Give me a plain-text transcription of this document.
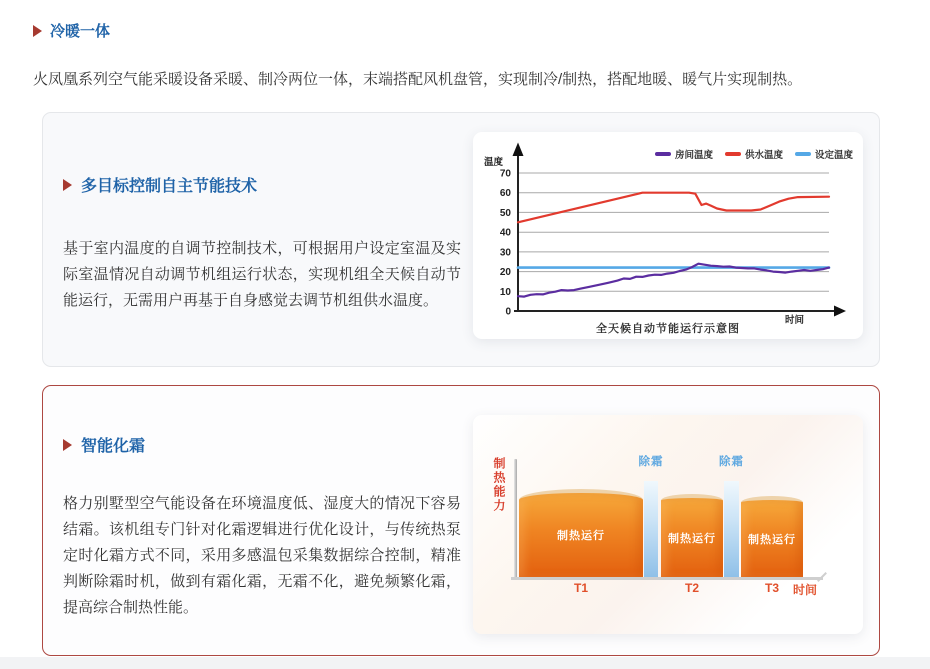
冷暖一体

火凤凰系列空气能采暖设备采暖、制冷两位一体，末端搭配风机盘管，实现制冷/制热，搭配地暖、暖气片实现制热。

多目标控制自主节能技术

基于室内温度的自调节控制技术，可根据用户设定室温及实际室温情况自动调节机组运行状态，实现机组全天候自动节能运行，无需用户再基于自身感觉去调节机组供水温度。

0
10
20
30
40
50
60
70
温度
时间
房间温度	供水温度	设定温度
全天候自动节能运行示意图
智能化霜

格力别墅型空气能设备在环境温度低、湿度大的情况下容易结霜。该机组专门针对化霜逻辑进行优化设计，与传统热泵定时化霜方式不同，采用多感温包采集数据综合控制，精准判断除霜时机，做到有霜化霜，无霜不化，避免频繁化霜，提高综合制热性能。

制热能力
时间
制热运行
T1
制热运行
T2
制热运行
T3
除霜	除霜
